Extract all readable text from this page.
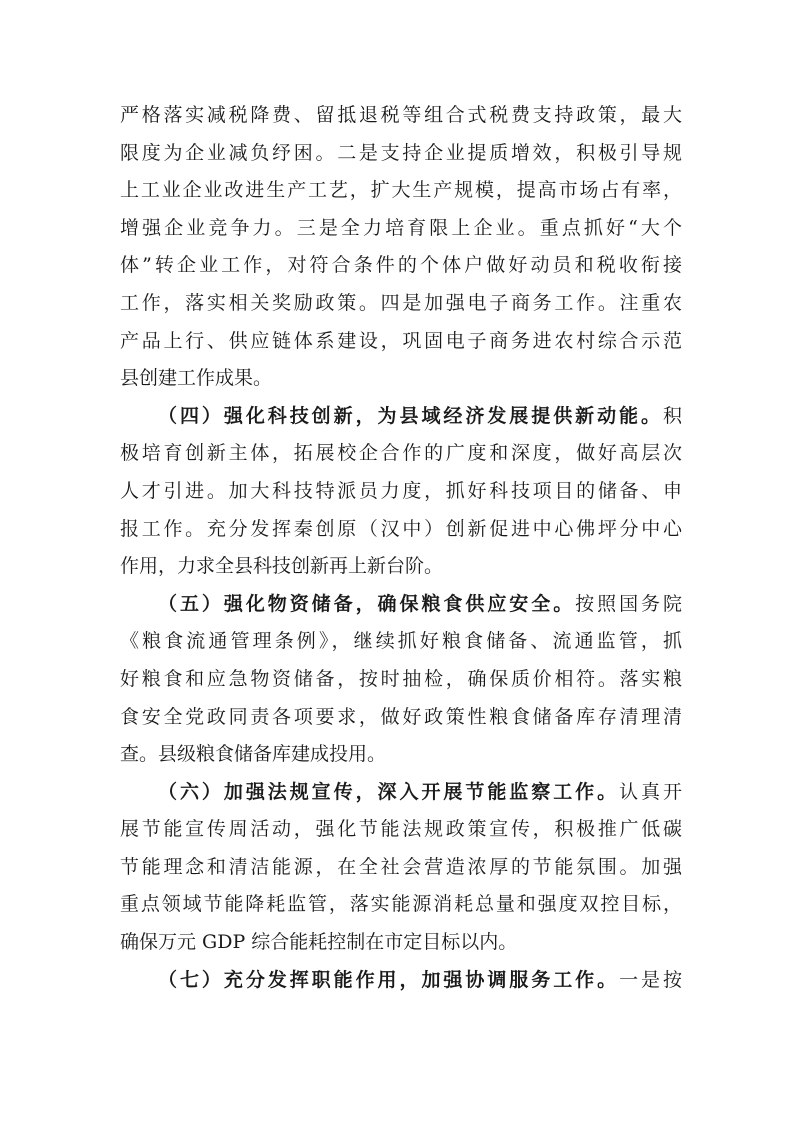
严格落实减税降费、留抵退税等组合式税费支持政策，最大
限度为企业减负纾困。二是支持企业提质增效，积极引导规
上工业企业改进生产工艺，扩大生产规模，提高市场占有率，
增强企业竞争力。三是全力培育限上企业。重点抓好“大个
体”转企业工作，对符合条件的个体户做好动员和税收衔接
工作，落实相关奖励政策。四是加强电子商务工作。注重农
产品上行、供应链体系建设，巩固电子商务进农村综合示范
县创建工作成果。
（四）强化科技创新，为县域经济发展提供新动能。积
极培育创新主体，拓展校企合作的广度和深度，做好高层次
人才引进。加大科技特派员力度，抓好科技项目的储备、申
报工作。充分发挥秦创原（汉中）创新促进中心佛坪分中心
作用，力求全县科技创新再上新台阶。
（五）强化物资储备，确保粮食供应安全。按照国务院
《粮食流通管理条例》，继续抓好粮食储备、流通监管，抓
好粮食和应急物资储备，按时抽检，确保质价相符。落实粮
食安全党政同责各项要求，做好政策性粮食储备库存清理清
查。县级粮食储备库建成投用。
（六）加强法规宣传，深入开展节能监察工作。认真开
展节能宣传周活动，强化节能法规政策宣传，积极推广低碳
节能理念和清洁能源，在全社会营造浓厚的节能氛围。加强
重点领域节能降耗监管，落实能源消耗总量和强度双控目标，
确保万元 GDP 综合能耗控制在市定目标以内。
（七）充分发挥职能作用，加强协调服务工作。一是按
